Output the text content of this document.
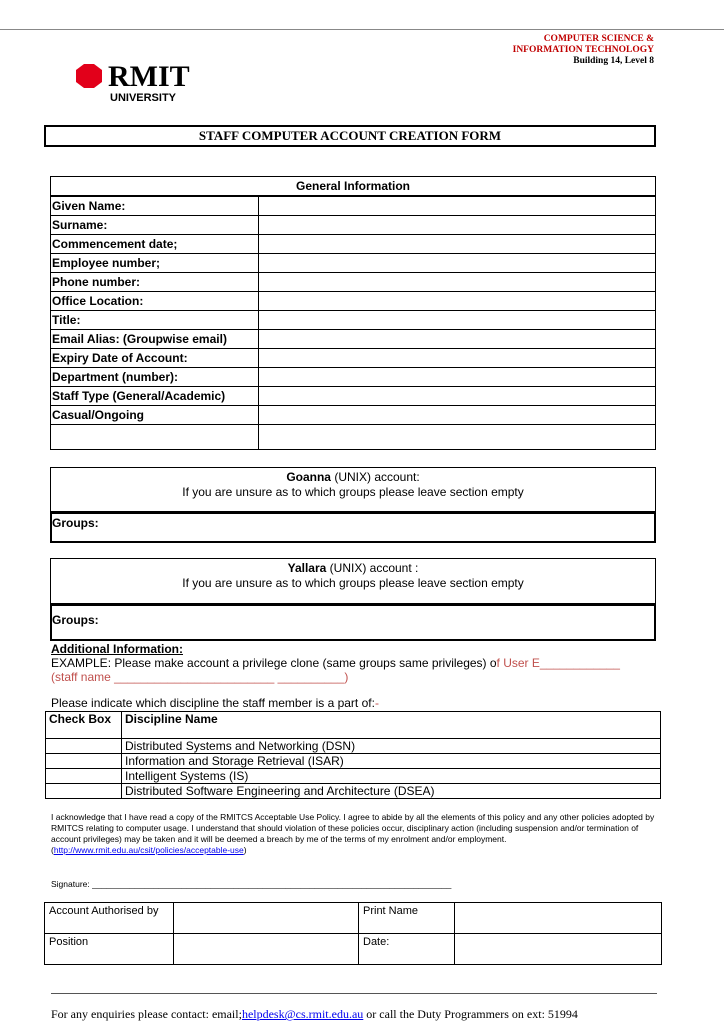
COMPUTER SCIENCE &
INFORMATION TECHNOLOGY
Building 14, Level 8
RMIT
UNIVERSITY
STAFF COMPUTER ACCOUNT CREATION FORM
General Information	
Given Name:	
Surname:	
Commencement date;	
Employee number;	
Phone number:	
Office Location:	
Title:	
Email Alias: (Groupwise email)	
Expiry Date of Account:	
Department (number):	
Staff Type (General/Academic)	
Casual/Ongoing	

Goanna (UNIX) account:
If you are unsure as to which groups please leave section empty
Groups:
Yallara (UNIX) account :
If you are unsure as to which groups please leave section empty
Groups:
Additional Information:
EXAMPLE: Please make account a privilege clone (same groups same privileges) of User E____________
(staff name ________________________ __________)
Please indicate which discipline the staff member is a part of:-
Check Box	Discipline Name
	Distributed Systems and Networking (DSN)
	Information and Storage Retrieval (ISAR)
	Intelligent Systems (IS)
	Distributed Software Engineering and Architecture (DSEA)
I acknowledge that I have read a copy of the RMITCS Acceptable Use Policy. I agree to abide by all the elements of this policy and any other policies adopted by RMITCS relating to computer usage. I understand that should violation of these policies occur, disciplinary action (including suspension and/or termination of account privileges) may be taken and it will be deemed a breach by me of the terms of my enrolment and/or employment. (http://www.rmit.edu.au/csit/policies/acceptable-use)
Signature: ____________________________________________________________________________
Account Authorised by		Print Name	
Position		Date:	
For any enquiries please contact: email;helpdesk@cs.rmit.edu.au or call the Duty Programmers on ext: 51994
